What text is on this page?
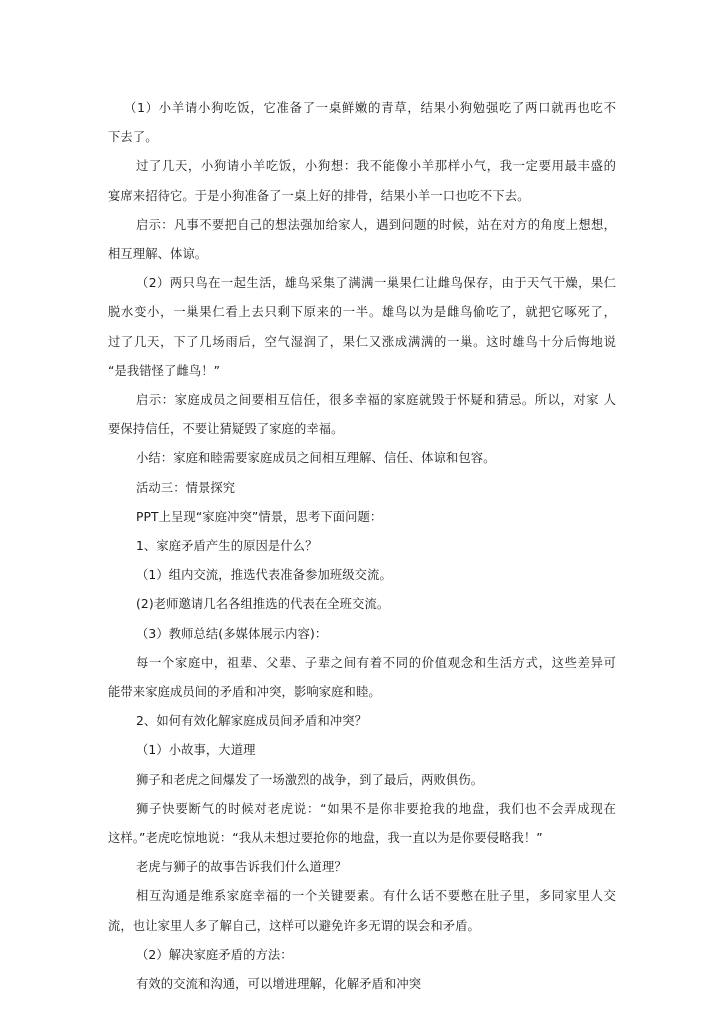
（1）小羊请小狗吃饭，它准备了一桌鲜嫩的青草，结果小狗勉强吃了两口就再也吃不
下去了。
过了几天，小狗请小羊吃饭，小狗想：我不能像小羊那样小气，我一定要用最丰盛的
宴席来招待它。于是小狗准备了一桌上好的排骨，结果小羊一口也吃不下去。
启示：凡事不要把自己的想法强加给家人，遇到问题的时候，站在对方的角度上想想，
相互理解、体谅。
（2）两只鸟在一起生活，雄鸟采集了满满一巢果仁让雌鸟保存，由于天气干燥，果仁
脱水变小，一巢果仁看上去只剩下原来的一半。雄鸟以为是雌鸟偷吃了，就把它啄死了，
过了几天，下了几场雨后，空气湿润了，果仁又涨成满满的一巢。这时雄鸟十分后悔地说
“是我错怪了雌鸟！”
启示：家庭成员之间要相互信任，很多幸福的家庭就毁于怀疑和猜忌。所以，对家 人
要保持信任，不要让猜疑毁了家庭的幸福。
小结：家庭和睦需要家庭成员之间相互理解、信任、体谅和包容。
活动三：情景探究
PPT上呈现“家庭冲突”情景，思考下面问题：
1、家庭矛盾产生的原因是什么？
（1）组内交流，推选代表准备参加班级交流。
(2)老师邀请几名各组推选的代表在全班交流。
（3）教师总结(多媒体展示内容)：
每一个家庭中，祖辈、父辈、子辈之间有着不同的价值观念和生活方式，这些差异可
能带来家庭成员间的矛盾和冲突，影响家庭和睦。
2、如何有效化解家庭成员间矛盾和冲突？
（1）小故事，大道理
狮子和老虎之间爆发了一场激烈的战争，到了最后，两败俱伤。
狮子快要断气的时候对老虎说：“如果不是你非要抢我的地盘，我们也不会弄成现在
这样。”老虎吃惊地说：“我从未想过要抢你的地盘，我一直以为是你要侵略我！”
老虎与狮子的故事告诉我们什么道理？
相互沟通是维系家庭幸福的一个关键要素。有什么话不要憋在肚子里，多同家里人交
流，也让家里人多了解自己，这样可以避免许多无谓的误会和矛盾。
（2）解决家庭矛盾的方法：
有效的交流和沟通，可以增进理解，化解矛盾和冲突
